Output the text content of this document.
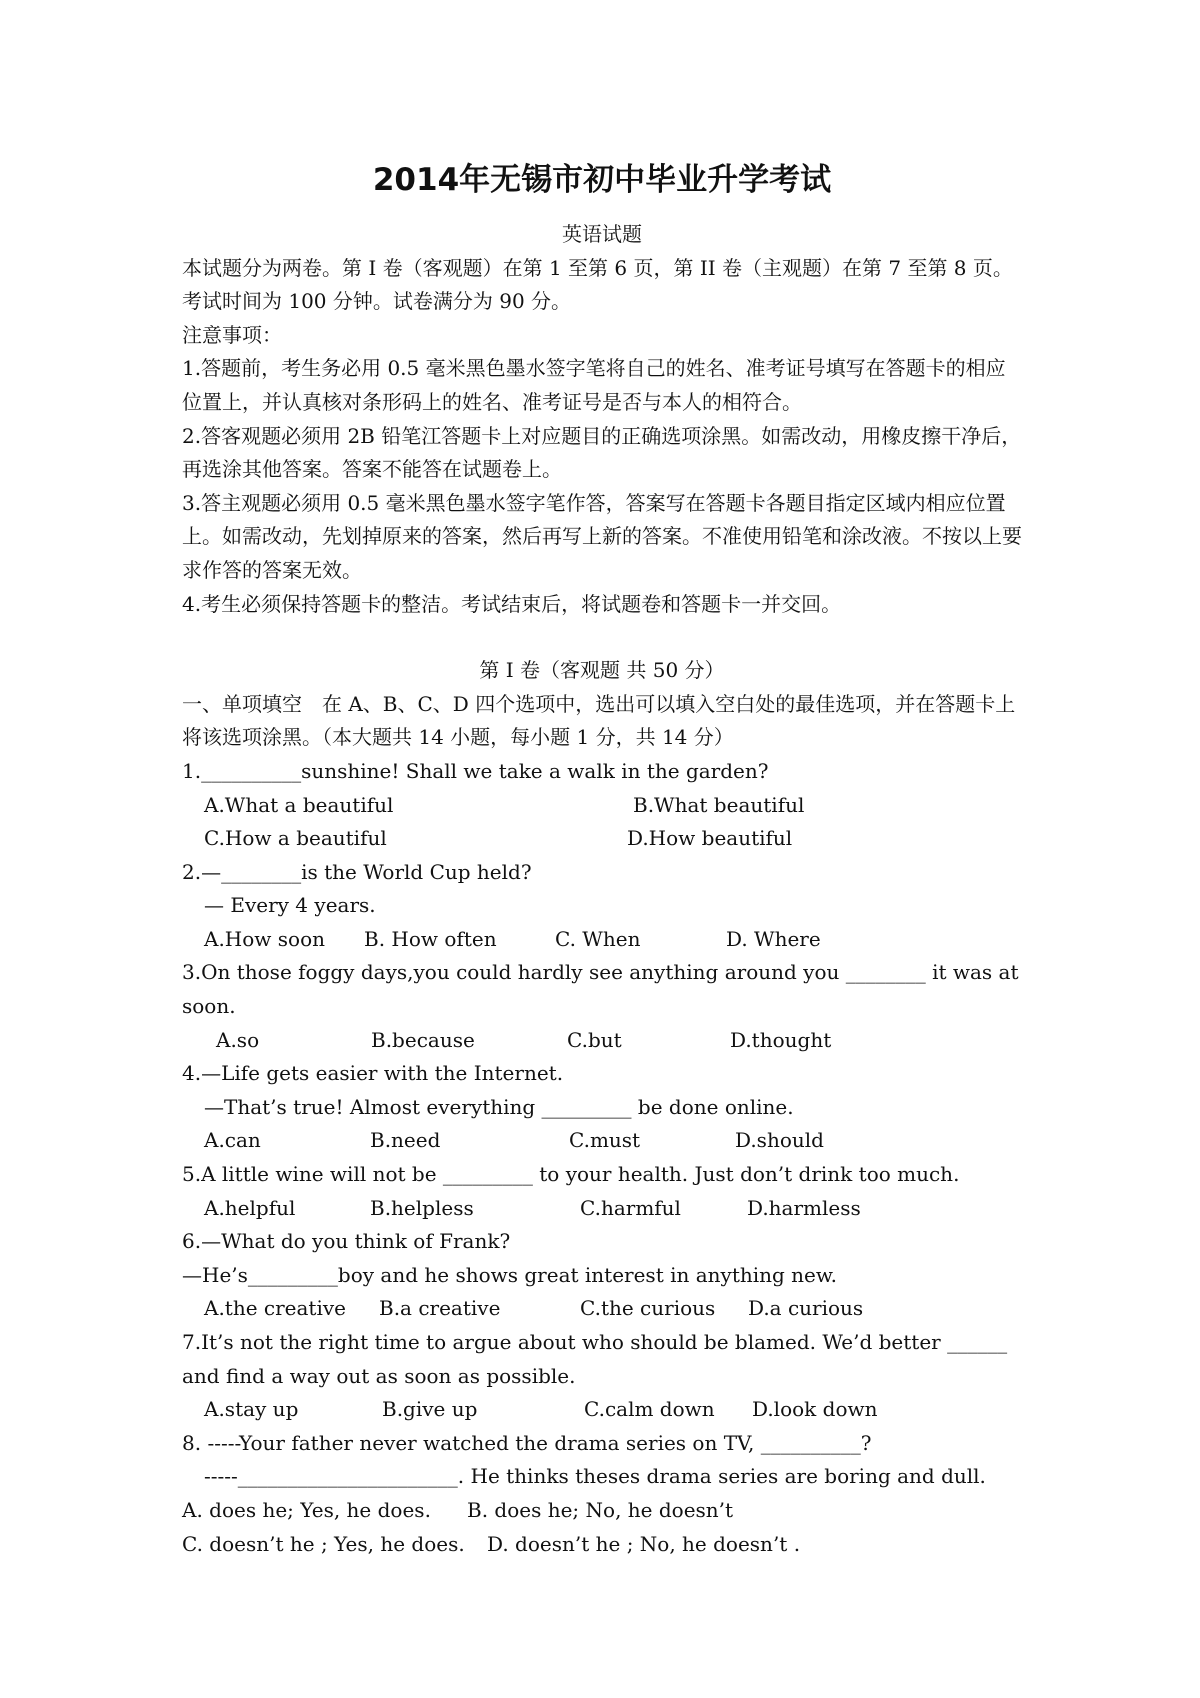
2014年无锡市初中毕业升学考试

英语试题

本试题分为两卷。第 I 卷（客观题）在第 1 至第 6 页，第 II 卷（主观题）在第 7 至第 8 页。

考试时间为 100 分钟。试卷满分为 90 分。

注意事项：

1.答题前，考生务必用 0.5 毫米黑色墨水签字笔将自己的姓名、准考证号填写在答题卡的相应位置上，并认真核对条形码上的姓名、准考证号是否与本人的相符合。

2.答客观题必须用 2B 铅笔江答题卡上对应题目的正确选项涂黑。如需改动，用橡皮擦干净后，再选涂其他答案。答案不能答在试题卷上。

3.答主观题必须用 0.5 毫米黑色墨水签字笔作答，答案写在答题卡各题目指定区域内相应位置上。如需改动，先划掉原来的答案，然后再写上新的答案。不准使用铅笔和涂改液。不按以上要求作答的答案无效。

4.考生必须保持答题卡的整洁。考试结束后，将试题卷和答题卡一并交回。

第 I 卷（客观题 共 50 分）

一、单项填空　在 A、B、C、D 四个选项中，选出可以填入空白处的最佳选项，并在答题卡上将该选项涂黑。（本大题共 14 小题，每小题 1 分，共 14 分）

1.__________sunshine! Shall we take a walk in the garden?

A.What a beautiful	B.What beautiful
C.How a beautiful	D.How beautiful

2.—________is the World Cup held?

— Every 4 years.

A.How soon	B. How often	C. When	D. Where

3.On those foggy days,you could hardly see anything around you ________ it was at soon.

A.so	B.because	C.but	D.thought

4.—Life gets easier with the Internet.

—That’s true! Almost everything _________ be done online.

A.can	B.need	C.must	D.should

5.A little wine will not be _________ to your health. Just don’t drink too much.

A.helpful	B.helpless	C.harmful	D.harmless

6.—What do you think of Frank?

—He’s_________boy and he shows great interest in anything new.

A.the creative	B.a creative	C.the curious	D.a curious

7.It’s not the right time to argue about who should be blamed. We’d better ______ and find a way out as soon as possible.

A.stay up	B.give up	C.calm down	D.look down

8. -----Your father never watched the drama series on TV, __________?

-----______________________. He thinks theses drama series are boring and dull.

A. does he; Yes, he does.	B. does he; No, he doesn’t
C. doesn’t he ; Yes, he does.	D. doesn’t he ; No, he doesn’t .
